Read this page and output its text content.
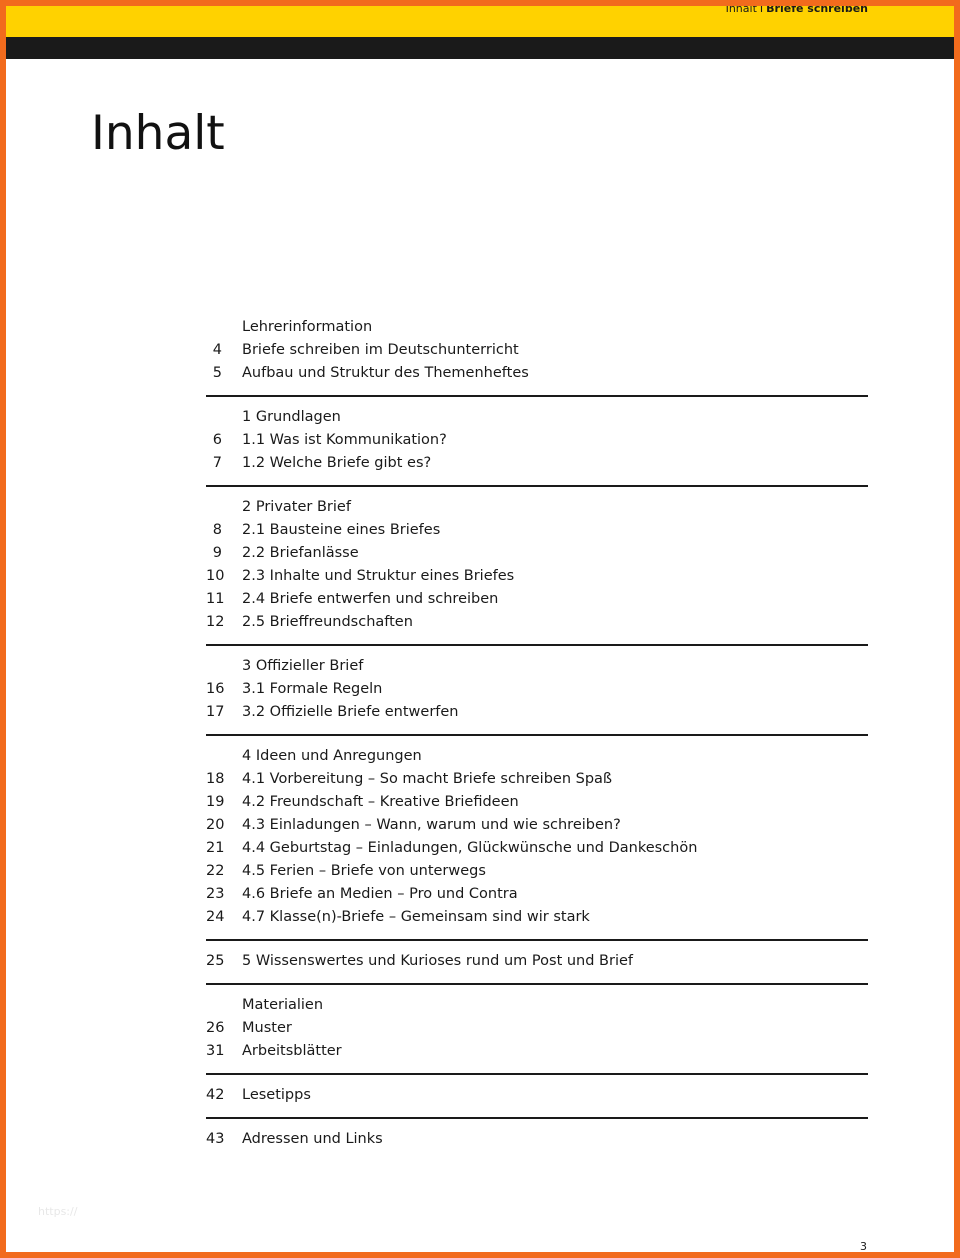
Inhalt I Briefe schreiben
Inhalt
Lehrerinformation
4 Briefe schreiben im Deutschunterricht
5 Aufbau und Struktur des Themenheftes
1 Grundlagen
6 1.1 Was ist Kommunikation?
7 1.2 Welche Briefe gibt es?
2 Privater Brief
8 2.1 Bausteine eines Briefes
9 2.2 Briefanlässe
10 2.3 Inhalte und Struktur eines Briefes
11 2.4 Briefe entwerfen und schreiben
12 2.5 Brieffreundschaften
3 Offizieller Brief
16 3.1 Formale Regeln
17 3.2 Offizielle Briefe entwerfen
4 Ideen und Anregungen
18 4.1 Vorbereitung – So macht Briefe schreiben Spaß
19 4.2 Freundschaft – Kreative Briefideen
20 4.3 Einladungen – Wann, warum und wie schreiben?
21 4.4 Geburtstag – Einladungen, Glückwünsche und Dankeschön
22 4.5 Ferien – Briefe von unterwegs
23 4.6 Briefe an Medien – Pro und Contra
24 4.7 Klasse(n)-Briefe – Gemeinsam sind wir stark
25 5 Wissenswertes und Kurioses rund um Post und Brief
Materialien
26 Muster
31 Arbeitsblätter
42 Lesetipps
43 Adressen und Links
https://
3
